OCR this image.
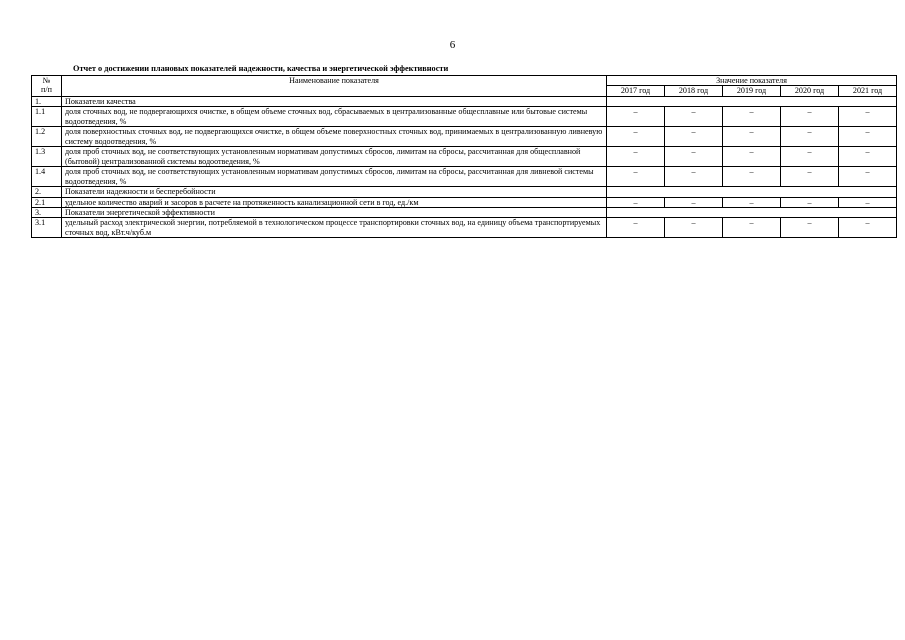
6
Отчет о достижении плановых показателей надежности, качества и энергетической эффективности
№
п/п	Наименование показателя	Значение показателя				
		2017 год	2018 год	2019 год	2020 год	2021 год
1.	Показатели качества					
1.1	доля сточных вод, не подвергающихся очистке, в общем объеме сточных вод, сбрасываемых в централизованные общесплавные или бытовые системы водоотведения, %	–	–	–	–	–
1.2	доля поверхностных сточных вод, не подвергающихся очистке, в общем объеме поверхностных сточных вод, принимаемых в централизованную ливневую систему водоотведения, %	–	–	–	–	–
1.3	доля проб сточных вод, не соответствующих установленным нормативам допустимых сбросов, лимитам на сбросы, рассчитанная для общесплавной (бытовой) централизованной системы водоотведения, %	–	–	–	–	–
1.4	доля проб сточных вод, не соответствующих установленным нормативам допустимых сбросов, лимитам на сбросы, рассчитанная для ливневой системы водоотведения, %	–	–	–	–	–
2.	Показатели надежности и бесперебойности					
2.1	удельное количество аварий и засоров в расчете на протяженность канализационной сети в год, ед./км	–	–	–	–	–
3.	Показатели энергетической эффективности					
3.1	удельный расход электрической энергии, потребляемой в технологическом процессе транспортировки сточных вод, на единицу объема транспортируемых сточных вод, кВт.ч/куб.м	–	–	–	–	–
